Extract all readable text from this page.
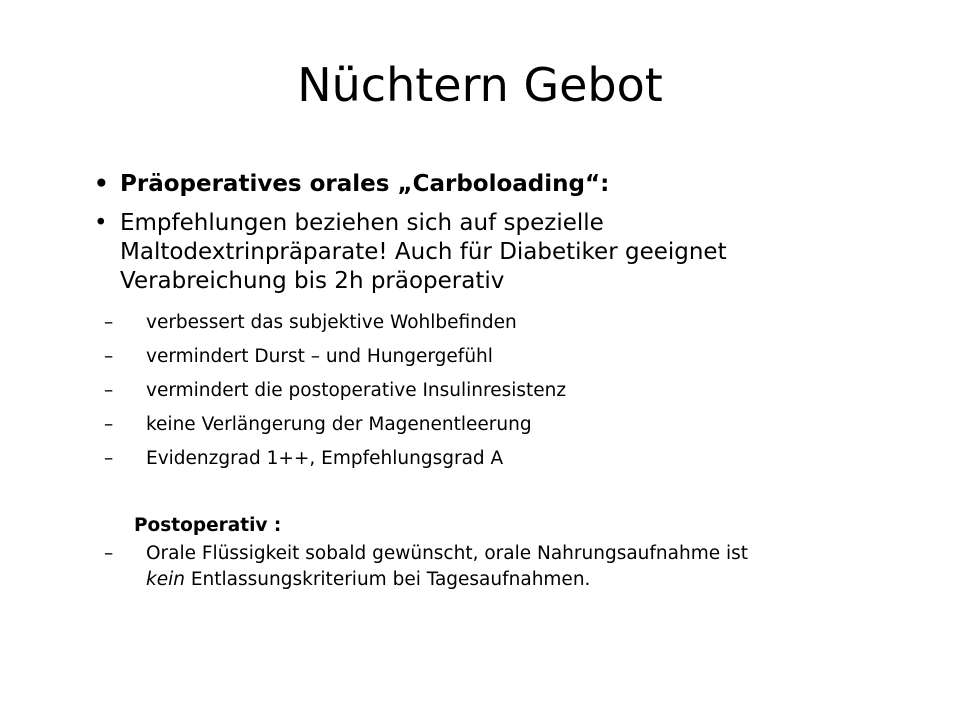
Nüchtern Gebot
• Präoperatives orales „Carboloading“:
• Empfehlungen beziehen sich auf spezielle
Maltodextrinpräparate! Auch für Diabetiker geeignet
Verabreichung bis 2h präoperativ
– verbessert das subjektive Wohlbefinden
– vermindert Durst – und Hungergefühl
– vermindert die postoperative Insulinresistenz
– keine Verlängerung der Magenentleerung
– Evidenzgrad 1++, Empfehlungsgrad A
Postoperativ :
– Orale Flüssigkeit sobald gewünscht, orale Nahrungsaufnahme ist
kein Entlassungskriterium bei Tagesaufnahmen.
